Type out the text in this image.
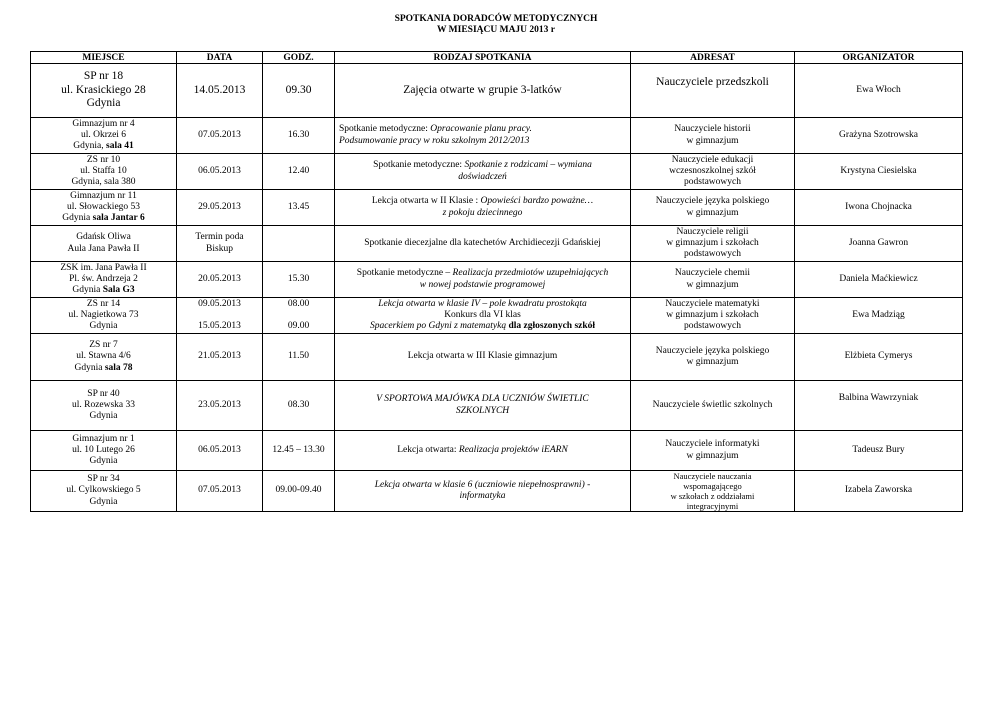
SPOTKANIA DORADCÓW METODYCZNYCH
W MIESIĄCU MAJU 2013 r
MIEJSCE	DATA	GODZ.	RODZAJ SPOTKANIA	ADRESAT	ORGANIZATOR

SP nr 18
ul. Krasickiego 28
Gdynia	14.05.2013	09.30	Zajęcia otwarte w grupie 3-latków	Nauczyciele przedszkoli	Ewa Włoch

Gimnazjum nr 4
ul. Okrzei 6
Gdynia, sala 41	07.05.2013	16.30	Spotkanie metodyczne: Opracowanie planu pracy.
Podsumowanie pracy w roku szkolnym 2012/2013	Nauczyciele historii
w gimnazjum	Grażyna Szotrowska

ZS nr 10
ul. Staffa 10
Gdynia, sala 380	06.05.2013	12.40	Spotkanie metodyczne: Spotkanie z rodzicami – wymiana
doświadczeń	Nauczyciele edukacji
wczesnoszkolnej szkół
podstawowych	Krystyna Ciesielska

Gimnazjum nr 11
ul. Słowackiego 53
Gdynia sala Jantar 6	29.05.2013	13.45	Lekcja otwarta w II Klasie : Opowieści bardzo poważne…
z pokoju dziecinnego	Nauczyciele języka polskiego
w gimnazjum	Iwona Chojnacka

Gdańsk Oliwa
Aula Jana Pawła II	Termin poda
Biskup		Spotkanie diecezjalne dla katechetów Archidiecezji Gdańskiej	Nauczyciele religii
w gimnazjum i szkołach
podstawowych	Joanna Gawron

ZSK im. Jana Pawła II
Pl. św. Andrzeja 2
Gdynia Sala G3	20.05.2013	15.30	Spotkanie metodyczne – Realizacja przedmiotów uzupełniających
w nowej podstawie programowej	Nauczyciele chemii
w gimnazjum	Daniela Maćkiewicz

ZS nr 14
ul. Nagietkowa 73
Gdynia	09.05.2013
15.05.2013	08.00
09.00	Lekcja otwarta w klasie IV – pole kwadratu prostokąta
Konkurs dla VI klas
Spacerkiem po Gdyni z matematyką dla zgłoszonych szkół	Nauczyciele matematyki
w gimnazjum i szkołach
podstawowych	Ewa Madziąg

ZS nr 7
ul. Stawna 4/6
Gdynia sala 78	21.05.2013	11.50	Lekcja otwarta w III Klasie gimnazjum	Nauczyciele języka polskiego
w gimnazjum	Elżbieta Cymerys

SP nr 40
ul. Rozewska 33
Gdynia	23.05.2013	08.30	V SPORTOWA MAJÓWKA DLA UCZNIÓW ŚWIETLIC
SZKOLNYCH	Nauczyciele świetlic szkolnych	Balbina Wawrzyniak

Gimnazjum nr 1
ul. 10 Lutego 26
Gdynia	06.05.2013	12.45 – 13.30	Lekcja otwarta: Realizacja projektów iEARN	Nauczyciele informatyki
w gimnazjum	Tadeusz Bury

SP nr 34
ul. Cylkowskiego 5
Gdynia	07.05.2013	09.00-09.40	Lekcja otwarta w klasie 6 (uczniowie niepełnosprawni) -
informatyka	Nauczyciele nauczania
wspomagającego
w szkołach z oddziałami
integracyjnymi	Izabela Zaworska
